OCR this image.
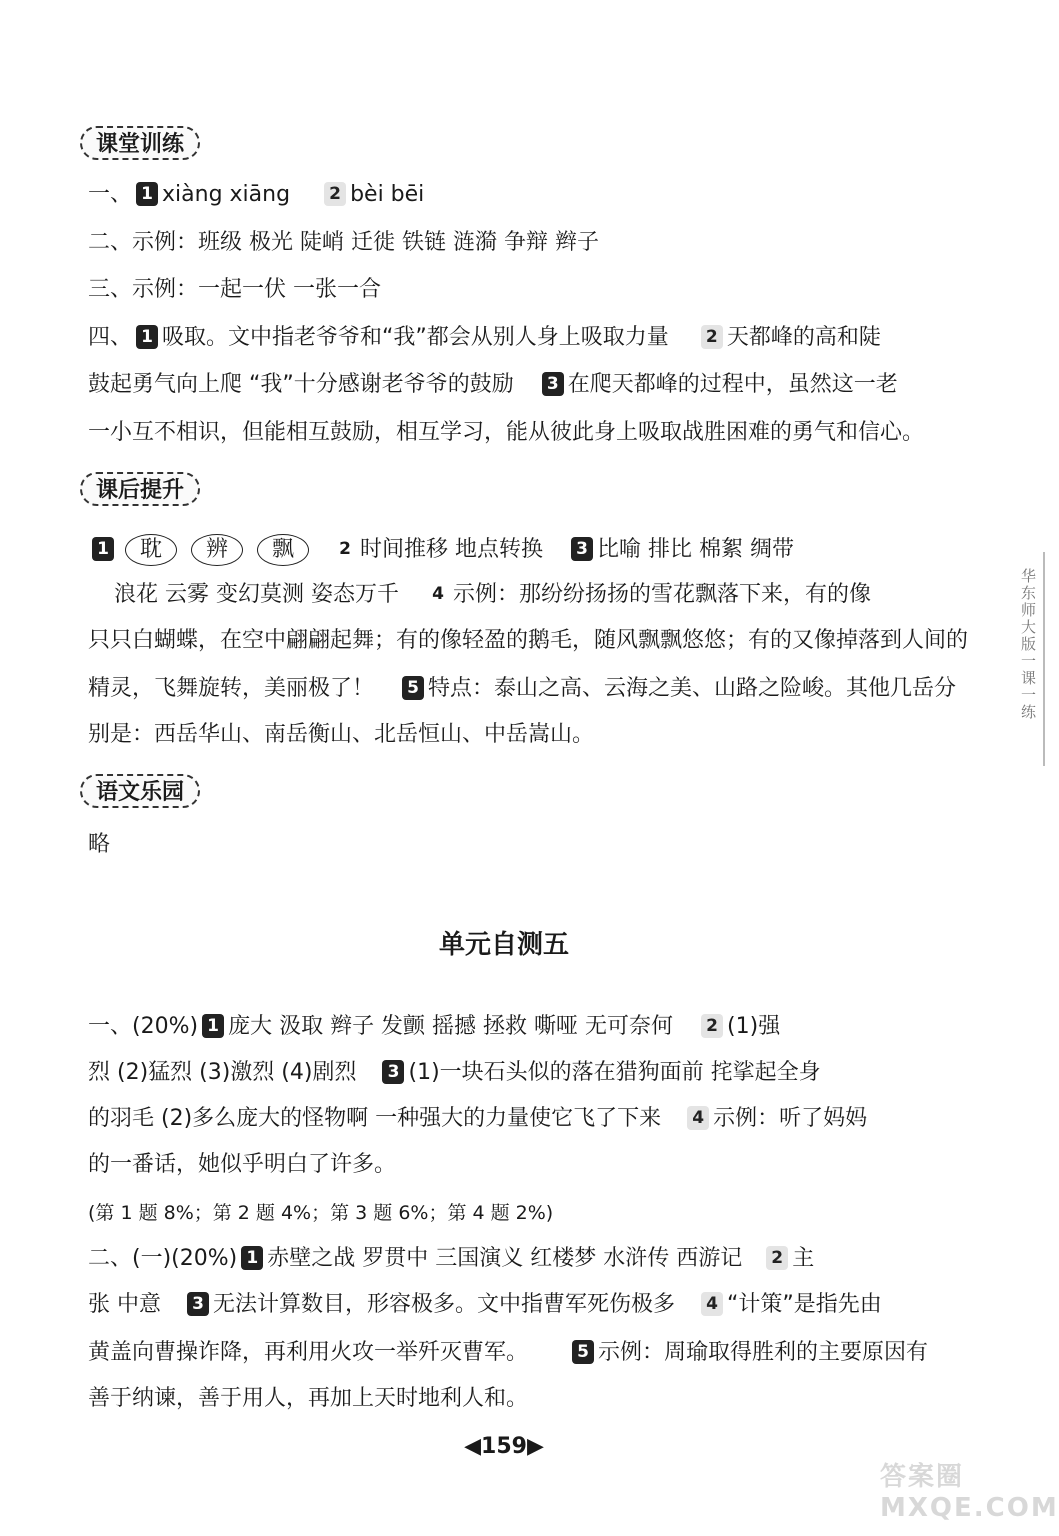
课堂训练
一、 1 xiàng xiāng 2 bèi bēi
二、示例：班级 极光 陡峭 迁徙 铁链 涟漪 争辩 辫子
三、示例：一起一伏 一张一合
四、 1 吸取。文中指老爷爷和“我”都会从别人身上吸取力量 2 天都峰的高和陡
鼓起勇气向上爬 “我”十分感谢老爷爷的鼓励 3 在爬天都峰的过程中，虽然这一老
一小互不相识，但能相互鼓励，相互学习，能从彼此身上吸取战胜困难的勇气和信心。
课后提升
1 耽 辨 飘	2 时间推移 地点转换 3 比喻 排比 棉絮 绸带
浪花 云雾 变幻莫测 姿态万千 4 示例：那纷纷扬扬的雪花飘落下来，有的像
只只白蝴蝶，在空中翩翩起舞；有的像轻盈的鹅毛，随风飘飘悠悠；有的又像掉落到人间的
精灵，飞舞旋转，美丽极了！ 5 特点：泰山之高、云海之美、山路之险峻。其他几岳分
别是：西岳华山、南岳衡山、北岳恒山、中岳嵩山。
语文乐园
略
单元自测五
一、(20%) 1 庞大 汲取 辫子 发颤 摇撼 拯救 嘶哑 无可奈何 2 (1)强
烈 (2)猛烈 (3)激烈 (4)剧烈 3 (1)一块石头似的落在猎狗面前 挓挲起全身
的羽毛 (2)多么庞大的怪物啊 一种强大的力量使它飞了下来 4 示例：听了妈妈
的一番话，她似乎明白了许多。
(第 1 题 8%；第 2 题 4%；第 3 题 6%；第 4 题 2%)
二、(一)(20%) 1 赤壁之战 罗贯中 三国演义 红楼梦 水浒传 西游记 2 主
张 中意 3 无法计算数目，形容极多。文中指曹军死伤极多 4 “计策”是指先由
黄盖向曹操诈降，再利用火攻一举歼灭曹军。	5 示例：周瑜取得胜利的主要原因有
善于纳谏，善于用人，再加上天时地利人和。
◀159▶
华东师大版一课一练
答案圈 MXQE.COM
